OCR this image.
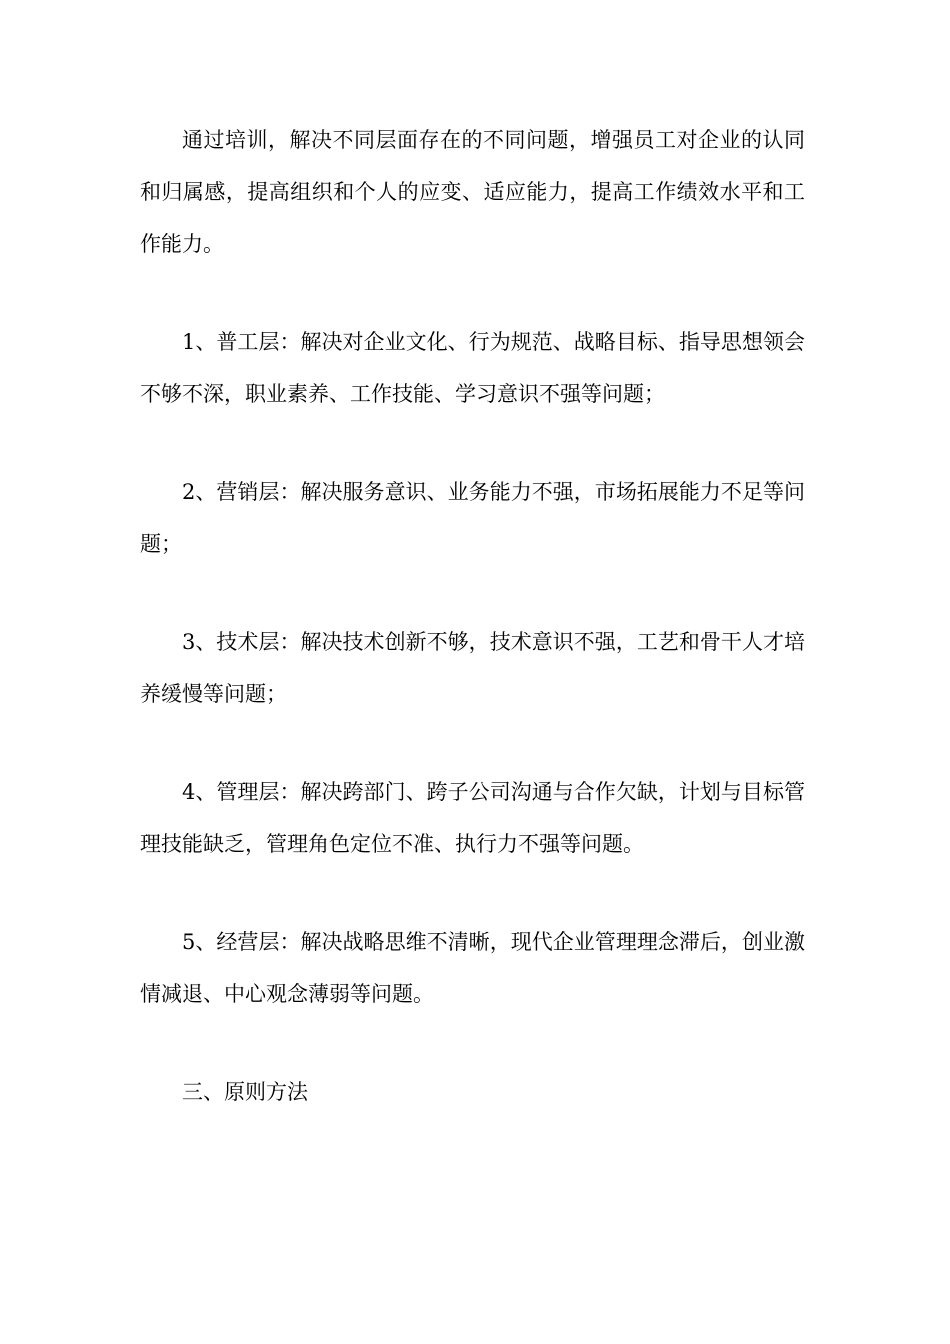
通过培训，解决不同层面存在的不同问题，增强员工对企业的认同和归属感，提高组织和个人的应变、适应能力，提高工作绩效水平和工作能力。

1、普工层：解决对企业文化、行为规范、战略目标、指导思想领会不够不深，职业素养、工作技能、学习意识不强等问题；

2、营销层：解决服务意识、业务能力不强，市场拓展能力不足等问题；

3、技术层：解决技术创新不够，技术意识不强，工艺和骨干人才培养缓慢等问题；

4、管理层：解决跨部门、跨子公司沟通与合作欠缺，计划与目标管理技能缺乏，管理角色定位不准、执行力不强等问题。

5、经营层：解决战略思维不清晰，现代企业管理理念滞后，创业激情减退、中心观念薄弱等问题。

三、原则方法
